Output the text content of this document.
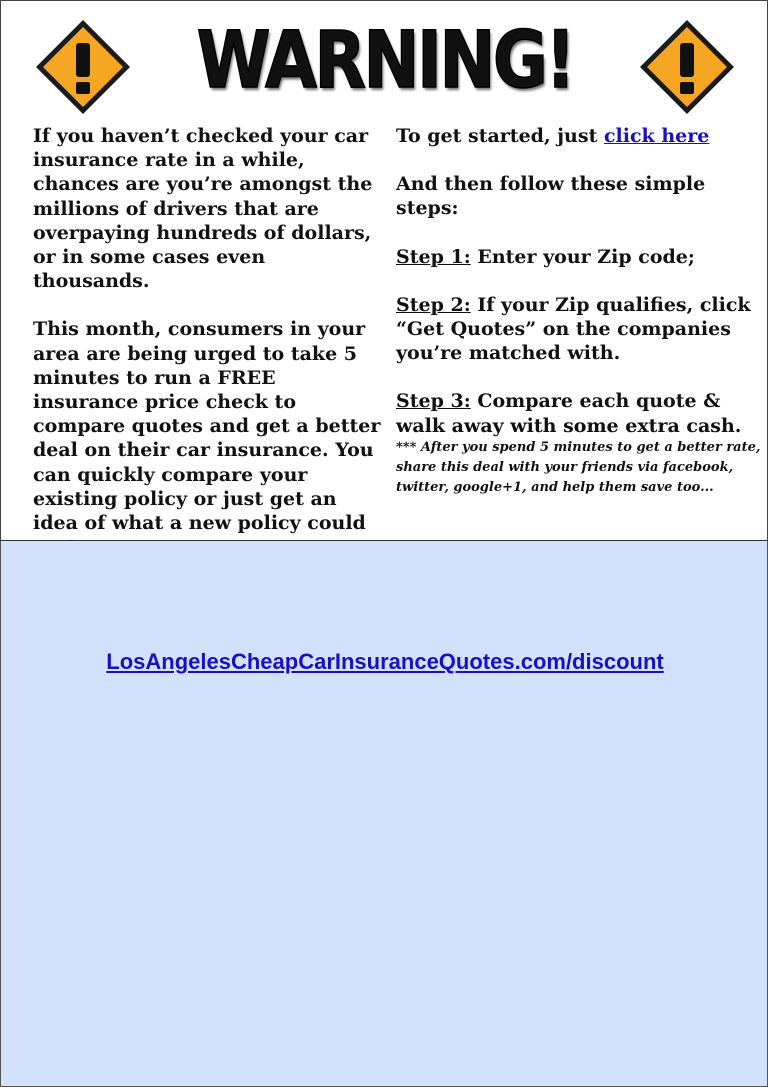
WARNING!

If you haven’t checked your car insurance rate in a while, chances are you’re amongst the millions of drivers that are overpaying hundreds of dollars, or in some cases even thousands.

This month, consumers in your area are being urged to take 5 minutes to run a FREE insurance price check to compare quotes and get a better deal on their car insurance. You can quickly compare your existing policy or just get an idea of what a new policy could

To get started, just click here

And then follow these simple steps:

Step 1: Enter your Zip code;

Step 2: If your Zip qualifies, click “Get Quotes” on the companies you’re matched with.

Step 3: Compare each quote & walk away with some extra cash.

*** After you spend 5 minutes to get a better rate, share this deal with your friends via facebook, twitter, google+1, and help them save too...

LosAngelesCheapCarInsuranceQuotes.com/discount
